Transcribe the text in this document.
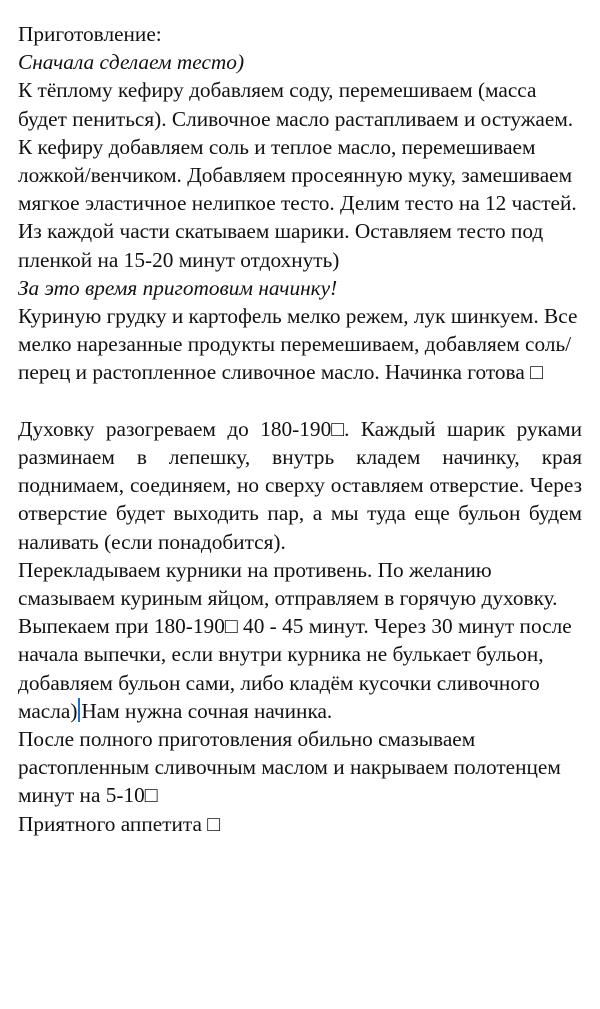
Приготовление:

Сначала сделаем тесто)

К тёплому кефиру добавляем соду, перемешиваем (масса будет пениться). Сливочное масло растапливаем и остужаем. К кефиру добавляем соль и теплое масло, перемешиваем ложкой/венчиком. Добавляем просеянную муку, замешиваем мягкое эластичное нелипкое тесто. Делим тесто на 12 частей. Из каждой части скатываем шарики. Оставляем тесто под пленкой на 15-20 минут отдохнуть)

За это время приготовим начинку!

Куриную грудку и картофель мелко режем, лук шинкуем. Все мелко нарезанные продукты перемешиваем, добавляем соль/перец и растопленное сливочное масло. Начинка готова □

Духовку разогреваем до 180-190□. Каждый шарик руками разминаем в лепешку, внутрь кладем начинку, края поднимаем, соединяем, но сверху оставляем отверстие. Через отверстие будет выходить пар, а мы туда еще бульон будем наливать (если понадобится).

Перекладываем курники на противень. По желанию смазываем куриным яйцом, отправляем в горячую духовку. Выпекаем при 180-190□ 40 - 45 минут. Через 30 минут после начала выпечки, если внутри курника не булькает бульон, добавляем бульон сами, либо кладём кусочки сливочного масла) Нам нужна сочная начинка.

После полного приготовления обильно смазываем растопленным сливочным маслом и накрываем полотенцем минут на 5-10□

Приятного аппетита □
